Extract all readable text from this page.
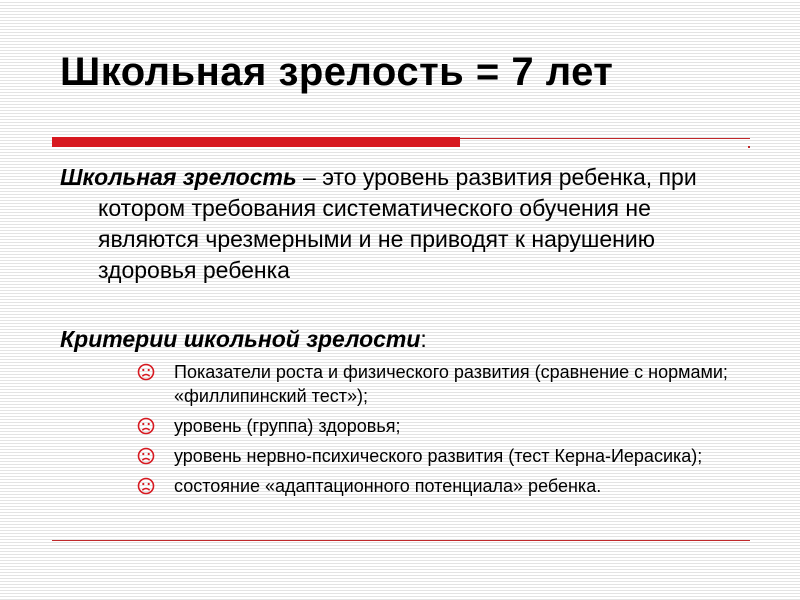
Школьная зрелость = 7 лет

Школьная зрелость – это уровень развития ребенка, при котором требования систематического обучения не являются чрезмерными и не приводят к нарушению здоровья ребенка

Критерии школьной зрелости:

Показатели роста и физического развития (сравнение с нормами; «филлипинский тест»);
уровень (группа) здоровья;
уровень нервно-психического развития (тест Керна-Иерасика);
состояние «адаптационного потенциала» ребенка.
